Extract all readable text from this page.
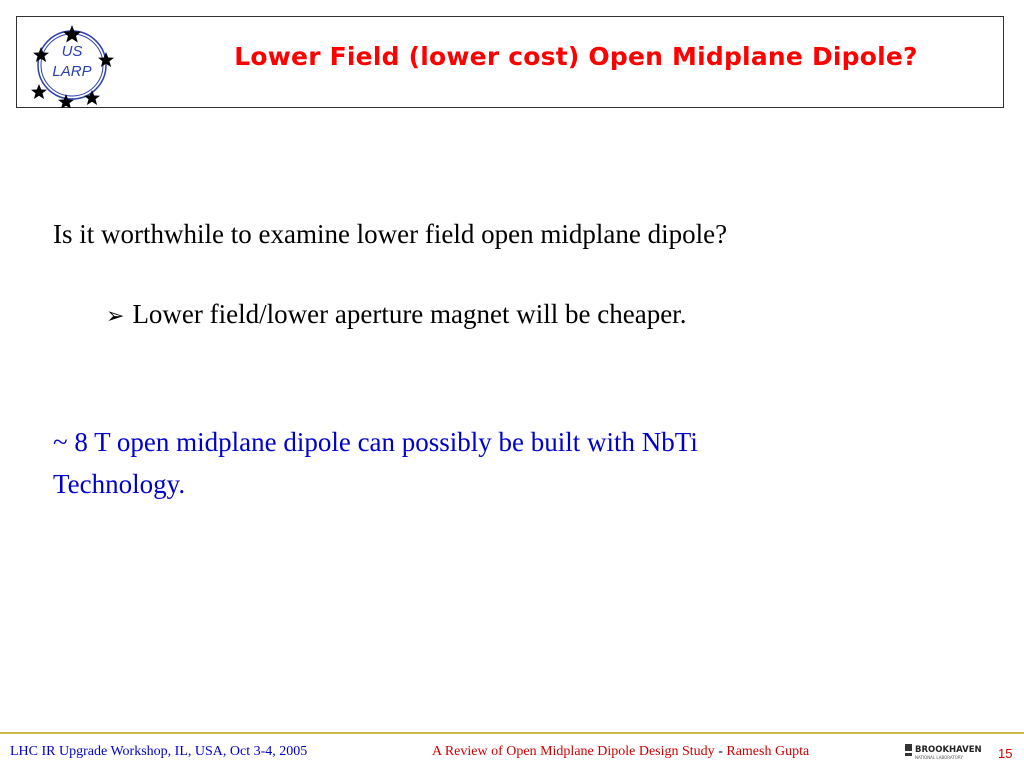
US
LARP
Lower Field (lower cost) Open Midplane Dipole?
Is it worthwhile to examine lower field open midplane dipole?
➢ Lower field/lower aperture magnet will be cheaper.
~ 8 T open midplane dipole can possibly be built with NbTi
Technology.
LHC IR Upgrade Workshop, IL, USA, Oct 3-4, 2005	A Review of Open Midplane Dipole Design Study - Ramesh Gupta	BROOKHAVEN
NATIONAL LABORATORY	15
